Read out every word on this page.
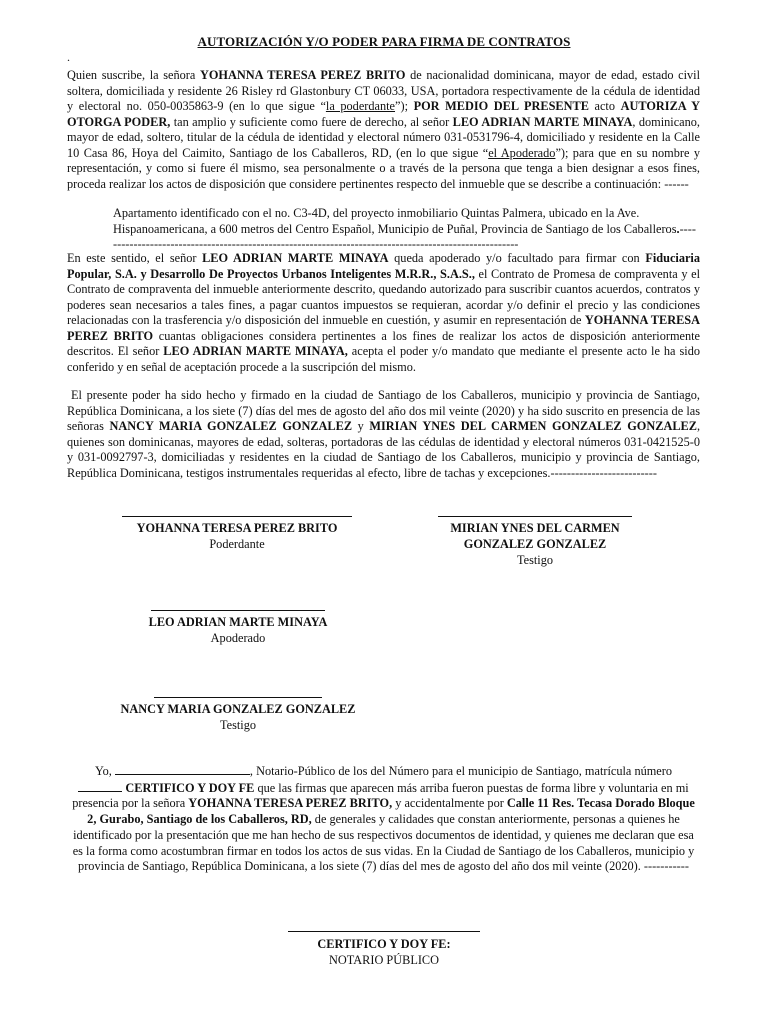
AUTORIZACIÓN Y/O PODER PARA FIRMA DE CONTRATOS
.
Quien suscribe, la señora YOHANNA TERESA PEREZ BRITO de nacionalidad dominicana, mayor de edad, estado civil soltera, domiciliada y residente 26 Risley rd Glastonbury CT 06033, USA, portadora respectivamente de la cédula de identidad y electoral no. 050-0035863-9 (en lo que sigue “la poderdante”); POR MEDIO DEL PRESENTE acto AUTORIZA Y OTORGA PODER, tan amplio y suficiente como fuere de derecho, al señor LEO ADRIAN MARTE MINAYA, dominicano, mayor de edad, soltero, titular de la cédula de identidad y electoral número 031-0531796-4, domiciliado y residente en la Calle 10 Casa 86, Hoya del Caimito, Santiago de los Caballeros, RD, (en lo que sigue “el Apoderado”); para que en su nombre y representación, y como si fuere él mismo, sea personalmente o a través de la persona que tenga a bien designar a esos fines, proceda realizar los actos de disposición que considere pertinentes respecto del inmueble que se describe a continuación: ------
Apartamento identificado con el no. C3-4D, del proyecto inmobiliario Quintas Palmera, ubicado en la Ave. Hispanoamericana, a 600 metros del Centro Español, Municipio de Puñal, Provincia de Santiago de los Caballeros.-------------------------------------------------------------------------------------------------------
En este sentido, el señor LEO ADRIAN MARTE MINAYA queda apoderado y/o facultado para firmar con Fiduciaria Popular, S.A. y Desarrollo De Proyectos Urbanos Inteligentes M.R.R., S.A.S., el Contrato de Promesa de compraventa y el Contrato de compraventa del inmueble anteriormente descrito, quedando autorizado para suscribir cuantos acuerdos, contratos y poderes sean necesarios a tales fines, a pagar cuantos impuestos se requieran, acordar y/o definir el precio y las condiciones relacionadas con la trasferencia y/o disposición del inmueble en cuestión, y asumir en representación de YOHANNA TERESA PEREZ BRITO cuantas obligaciones considera pertinentes a los fines de realizar los actos de disposición anteriormente descritos. El señor LEO ADRIAN MARTE MINAYA, acepta el poder y/o mandato que mediante el presente acto le ha sido conferido y en señal de aceptación procede a la suscripción del mismo.
El presente poder ha sido hecho y firmado en la ciudad de Santiago de los Caballeros, municipio y provincia de Santiago, República Dominicana, a los siete (7) días del mes de agosto del año dos mil veinte (2020) y ha sido suscrito en presencia de las señoras NANCY MARIA GONZALEZ GONZALEZ y MIRIAN YNES DEL CARMEN GONZALEZ GONZALEZ, quienes son dominicanas, mayores de edad, solteras, portadoras de las cédulas de identidad y electoral números 031-0421525-0 y 031-0092797-3, domiciliadas y residentes en la ciudad de Santiago de los Caballeros, municipio y provincia de Santiago, República Dominicana, testigos instrumentales requeridas al efecto, libre de tachas y excepciones.--------------------------
YOHANNA TERESA PEREZ BRITO
Poderdante
MIRIAN YNES DEL CARMEN GONZALEZ GONZALEZ
Testigo
LEO ADRIAN MARTE MINAYA
Apoderado
NANCY MARIA GONZALEZ GONZALEZ
Testigo
Yo,	, Notario-Público de los del Número para el municipio de Santiago, matrícula número
CERTIFICO Y DOY FE que las firmas que aparecen más arriba fueron puestas de forma libre y voluntaria en mi presencia por la señora YOHANNA TERESA PEREZ BRITO, y accidentalmente por Calle 11 Res. Tecasa Dorado Bloque 2, Gurabo, Santiago de los Caballeros, RD, de generales y calidades que constan anteriormente, personas a quienes he identificado por la presentación que me han hecho de sus respectivos documentos de identidad, y quienes me declaran que esa es la forma como acostumbran firmar en todos los actos de sus vidas. En la Ciudad de Santiago de los Caballeros, municipio y provincia de Santiago, República Dominicana, a los siete (7) días del mes de agosto del año dos mil veinte (2020). -----------
CERTIFICO Y DOY FE:
NOTARIO PÚBLICO
